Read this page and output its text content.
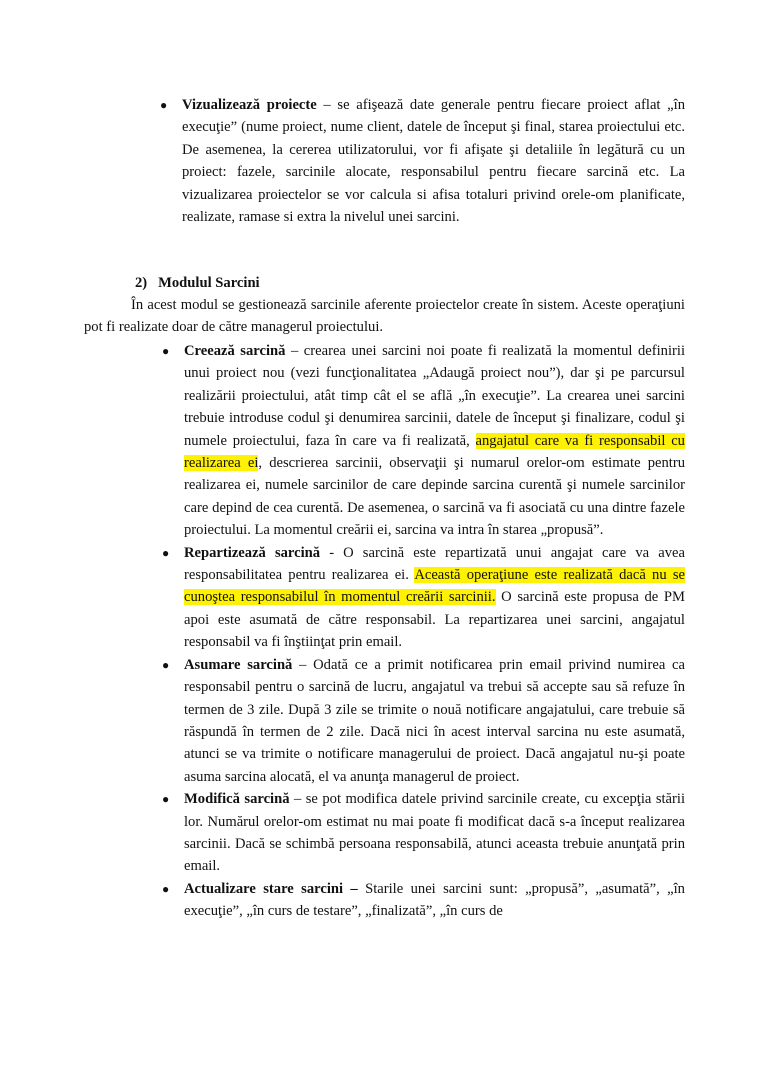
● Vizualizează proiecte – se afişează date generale pentru fiecare proiect aflat „în execuţie” (nume proiect, nume client, datele de început şi final, starea proiectului etc. De asemenea, la cererea utilizatorului, vor fi afişate şi detaliile în legătură cu un proiect: fazele, sarcinile alocate, responsabilul pentru fiecare sarcină etc. La vizualizarea proiectelor se vor calcula si afisa totaluri privind orele-om planificate, realizate, ramase si extra la nivelul unei sarcini.
2)   Modulul Sarcini
În acest modul se gestionează sarcinile aferente proiectelor create în sistem. Aceste operaţiuni pot fi realizate doar de către managerul proiectului.
● Creează sarcină – crearea unei sarcini noi poate fi realizată la momentul definirii unui proiect nou (vezi funcţionalitatea „Adaugă proiect nou”), dar şi pe parcursul realizării proiectului, atât timp cât el se află „în execuţie”. La crearea unei sarcini trebuie introduse codul şi denumirea sarcinii, datele de început şi finalizare, codul şi numele proiectului, faza în care va fi realizată, angajatul care va fi responsabil cu realizarea ei, descrierea sarcinii, observaţii şi numarul orelor-om estimate pentru realizarea ei, numele sarcinilor de care depinde sarcina curentă şi numele sarcinilor care depind de cea curentă. De asemenea, o sarcină va fi asociată cu una dintre fazele proiectului. La momentul creării ei, sarcina va intra în starea „propusă”.
● Repartizează sarcină - O sarcină este repartizată unui angajat care va avea responsabilitatea pentru realizarea ei. Această operaţiune este realizată dacă nu se cunoştea responsabilul în momentul creării sarcinii. O sarcină este propusa de PM apoi este asumată de către responsabil. La repartizarea unei sarcini, angajatul responsabil va fi înştiinţat prin email.
● Asumare sarcină – Odată ce a primit notificarea prin email privind numirea ca responsabil pentru o sarcină de lucru, angajatul va trebui să accepte sau să refuze în termen de 3 zile. După 3 zile se trimite o nouă notificare angajatului, care trebuie să răspundă în termen de 2 zile. Dacă nici în acest interval sarcina nu este asumată, atunci se va trimite o notificare managerului de proiect. Dacă angajatul nu-şi poate asuma sarcina alocată, el va anunţa managerul de proiect.
● Modifică sarcină – se pot modifica datele privind sarcinile create, cu excepţia stării lor. Numărul orelor-om estimat nu mai poate fi modificat dacă s-a început realizarea sarcinii. Dacă se schimbă persoana responsabilă, atunci aceasta trebuie anunţată prin email.
● Actualizare stare sarcini – Starile unei sarcini sunt: „propusă”, „asumată”, „în execuţie”, „în curs de testare”, „finalizată”, „în curs de
